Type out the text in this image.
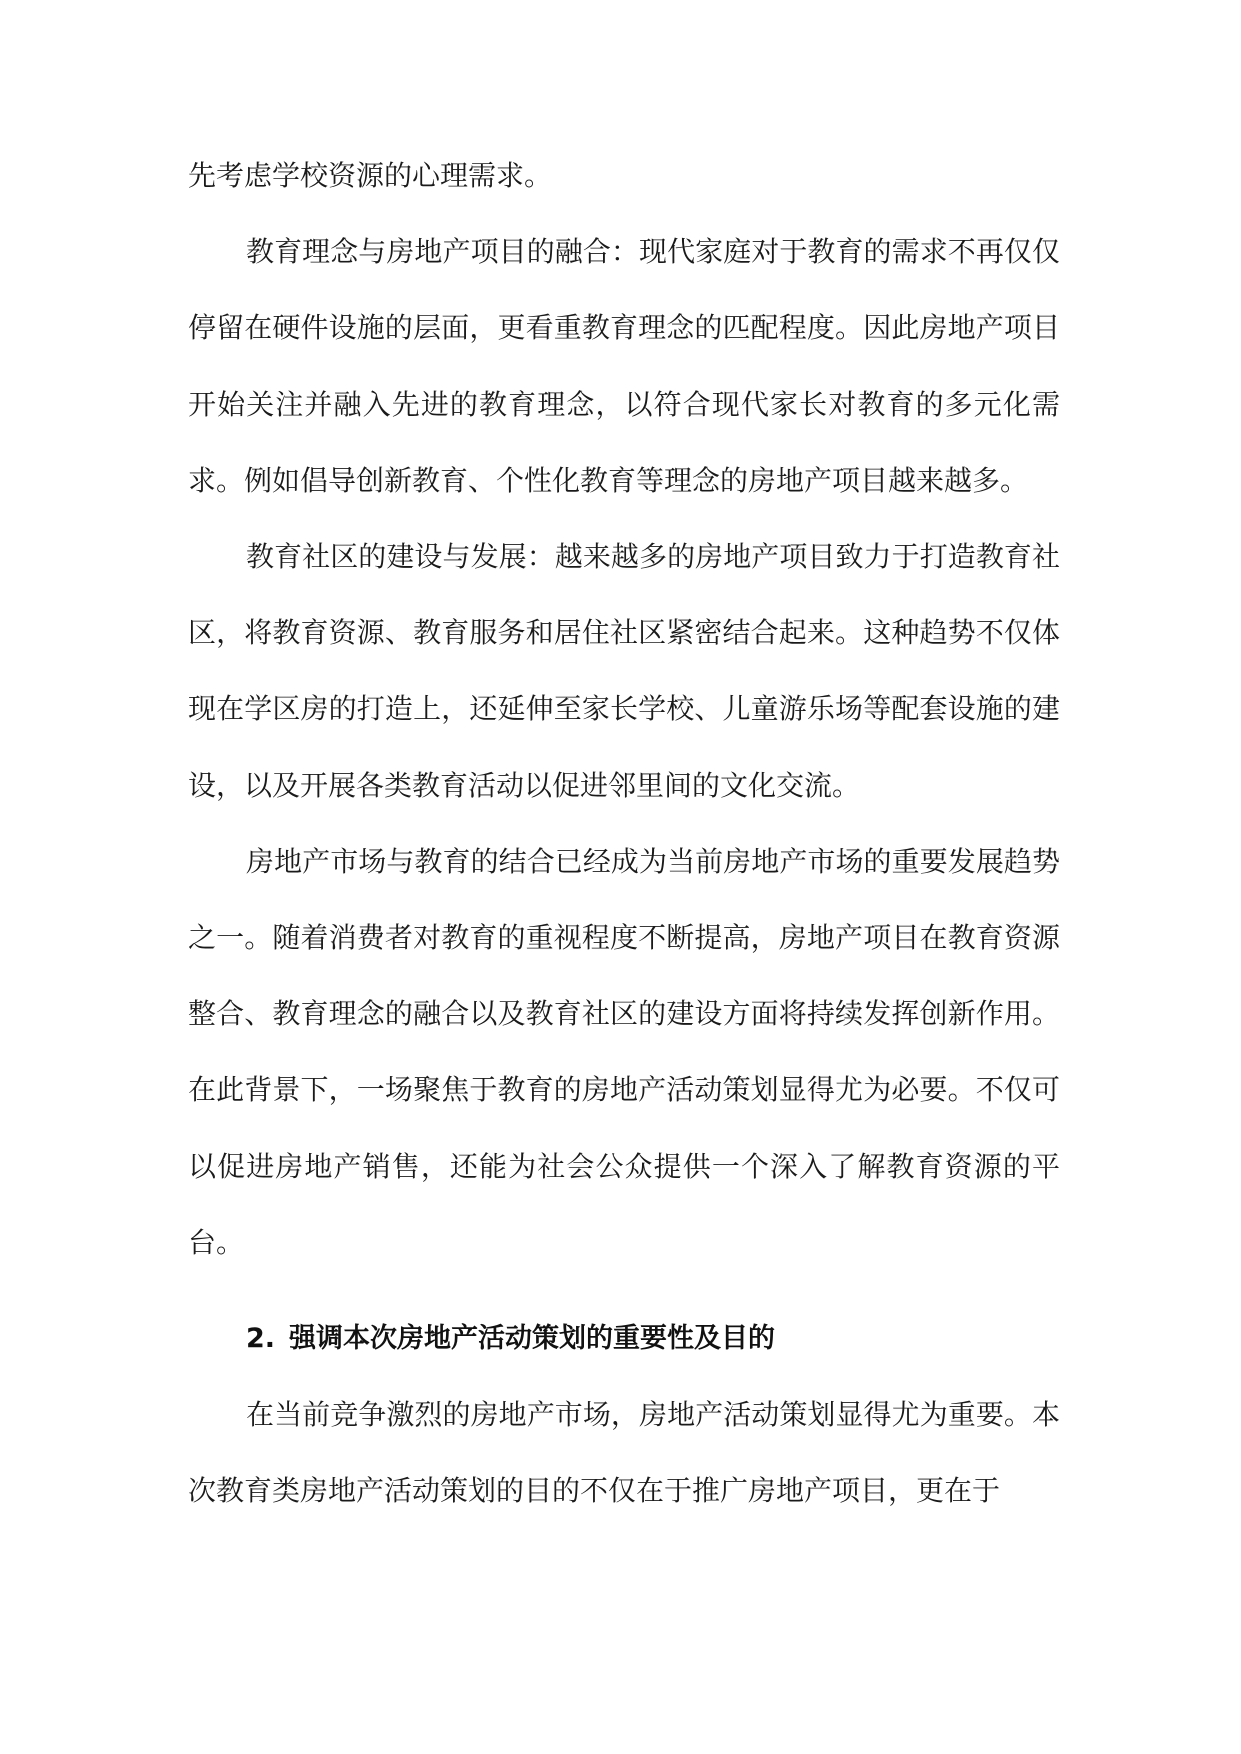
先考虑学校资源的心理需求。

教育理念与房地产项目的融合：现代家庭对于教育的需求不再仅仅停留在硬件设施的层面，更看重教育理念的匹配程度。因此房地产项目开始关注并融入先进的教育理念，以符合现代家长对教育的多元化需求。例如倡导创新教育、个性化教育等理念的房地产项目越来越多。

教育社区的建设与发展：越来越多的房地产项目致力于打造教育社区，将教育资源、教育服务和居住社区紧密结合起来。这种趋势不仅体现在学区房的打造上，还延伸至家长学校、儿童游乐场等配套设施的建设，以及开展各类教育活动以促进邻里间的文化交流。

房地产市场与教育的结合已经成为当前房地产市场的重要发展趋势之一。随着消费者对教育的重视程度不断提高，房地产项目在教育资源整合、教育理念的融合以及教育社区的建设方面将持续发挥创新作用。在此背景下，一场聚焦于教育的房地产活动策划显得尤为必要。不仅可以促进房地产销售，还能为社会公众提供一个深入了解教育资源的平台。

2. 强调本次房地产活动策划的重要性及目的

在当前竞争激烈的房地产市场，房地产活动策划显得尤为重要。本次教育类房地产活动策划的目的不仅在于推广房地产项目，更在于
